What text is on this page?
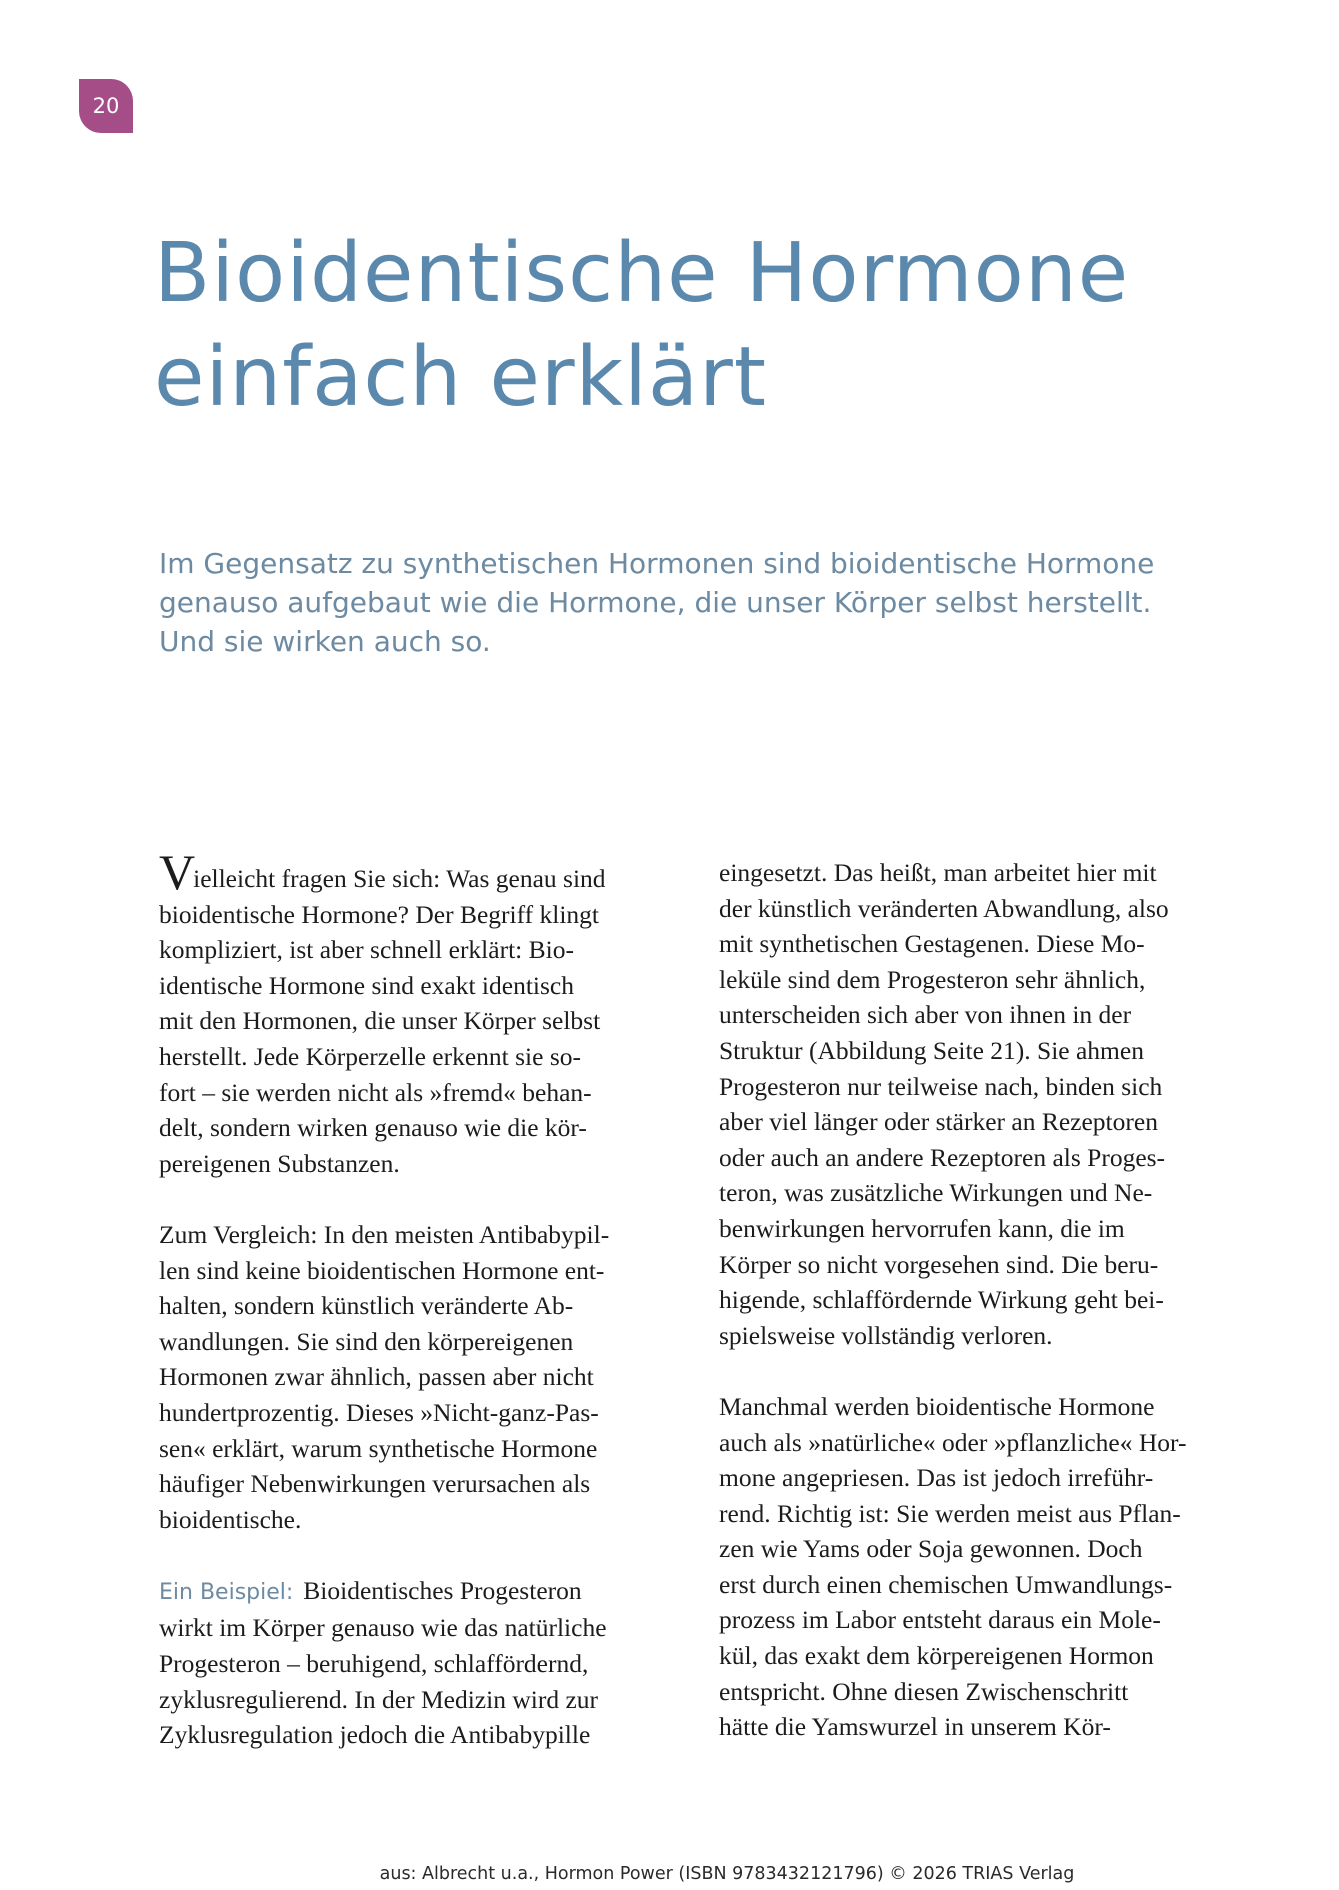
20
Bioidentische Hormone
einfach erklärt
Im Gegensatz zu synthetischen Hormonen sind bioidentische Hormone
genauso aufgebaut wie die Hormone, die unser Körper selbst herstellt.
Und sie wirken auch so.

Vielleicht fragen Sie sich: Was genau sind
bioidentische Hormone? Der Begriff klingt
kompliziert, ist aber schnell erklärt: Bio-
identische Hormone sind exakt identisch
mit den Hormonen, die unser Körper selbst
herstellt. Jede Körperzelle erkennt sie so-
fort – sie werden nicht als »fremd« behan-
delt, sondern wirken genauso wie die kör-
pereigenen Substanzen.

Zum Vergleich: In den meisten Antibabypil-
len sind keine bioidentischen Hormone ent-
halten, sondern künstlich veränderte Ab-
wandlungen. Sie sind den körpereigenen
Hormonen zwar ähnlich, passen aber nicht
hundertprozentig. Dieses »Nicht-ganz-Pas-
sen« erklärt, warum synthetische Hormone
häufiger Nebenwirkungen verursachen als
bioidentische.

Ein Beispiel: Bioidentisches Progesteron
wirkt im Körper genauso wie das natürliche
Progesteron – beruhigend, schlaffördernd,
zyklusregulierend. In der Medizin wird zur
Zyklusregulation jedoch die Antibabypille

eingesetzt. Das heißt, man arbeitet hier mit
der künstlich veränderten Abwandlung, also
mit synthetischen Gestagenen. Diese Mo-
leküle sind dem Progesteron sehr ähnlich,
unterscheiden sich aber von ihnen in der
Struktur (Abbildung Seite 21). Sie ahmen
Progesteron nur teilweise nach, binden sich
aber viel länger oder stärker an Rezeptoren
oder auch an andere Rezeptoren als Proges-
teron, was zusätzliche Wirkungen und Ne-
benwirkungen hervorrufen kann, die im
Körper so nicht vorgesehen sind. Die beru-
higende, schlaffördernde Wirkung geht bei-
spielsweise vollständig verloren.

Manchmal werden bioidentische Hormone
auch als »natürliche« oder »pflanzliche« Hor-
mone angepriesen. Das ist jedoch irreführ-
rend. Richtig ist: Sie werden meist aus Pflan-
zen wie Yams oder Soja gewonnen. Doch
erst durch einen chemischen Umwandlungs-
prozess im Labor entsteht daraus ein Mole-
kül, das exakt dem körpereigenen Hormon
entspricht. Ohne diesen Zwischenschritt
hätte die Yamswurzel in unserem Kör-

aus: Albrecht u.a., Hormon Power (ISBN 9783432121796) © 2026 TRIAS Verlag
